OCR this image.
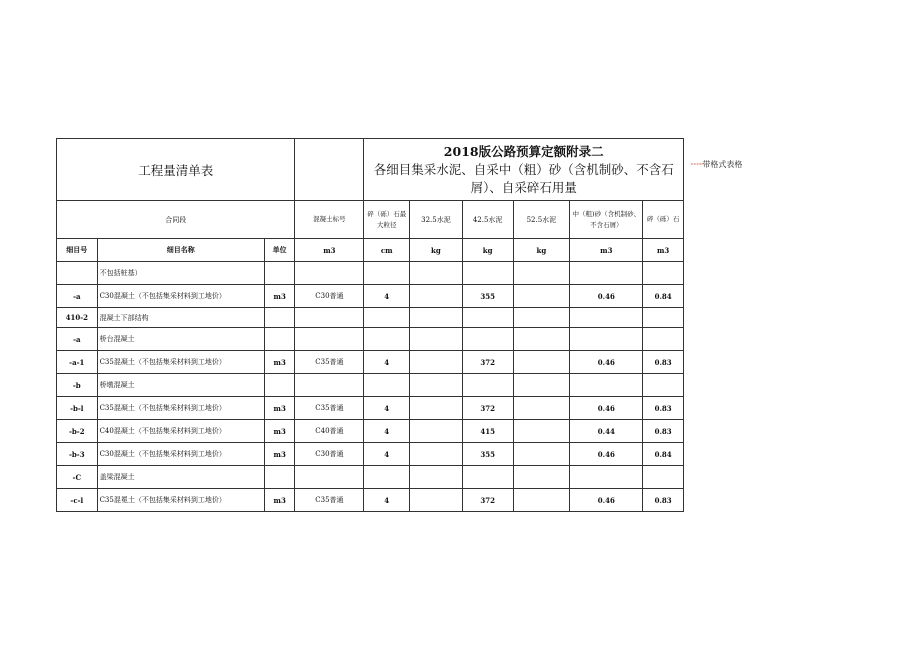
········带格式表格
工程量清单表				2018版公路预算定额附录二
各细目集采水泥、自采中（粗）砂（含机制砂、不含石屑）、自采碎石用量					
合同段			混凝土标号	碎（砾）石最大粒径	32.5水泥	42.5水泥	52.5水泥	中（粗)砂（含机制砂、不含石屑）	碎（砾）石
细目号	细目名称	单位	m3	cm	kg	kg	kg	m3	m3
	不包括桩基）								
-a	C30混凝土（不包括集采材料到工地价）	m3	C30普通	4		355		0.46	0.84
410-2	混凝土下部结构								
-a	桥台混凝土								
-a-1	C35混凝土（不包括集采材料到工地价）	m3	C35普通	4		372		0.46	0.83
-b	桥墩混凝土								
-b-l	C35混凝土（不包括集采材料到工地价）	m3	C35普通	4		372		0.46	0.83
-b-2	C40混凝土（不包括集采材料到工地价）	m3	C40普通	4		415		0.44	0.83
-b-3	C30混凝土（不包括集采材料到工地价）	m3	C30普通	4		355		0.46	0.84
-C	盖梁混凝土								
-c-l	C35混冕土（不包括集采材料到工地价）	m3	C35普通	4		372		0.46	0.83
